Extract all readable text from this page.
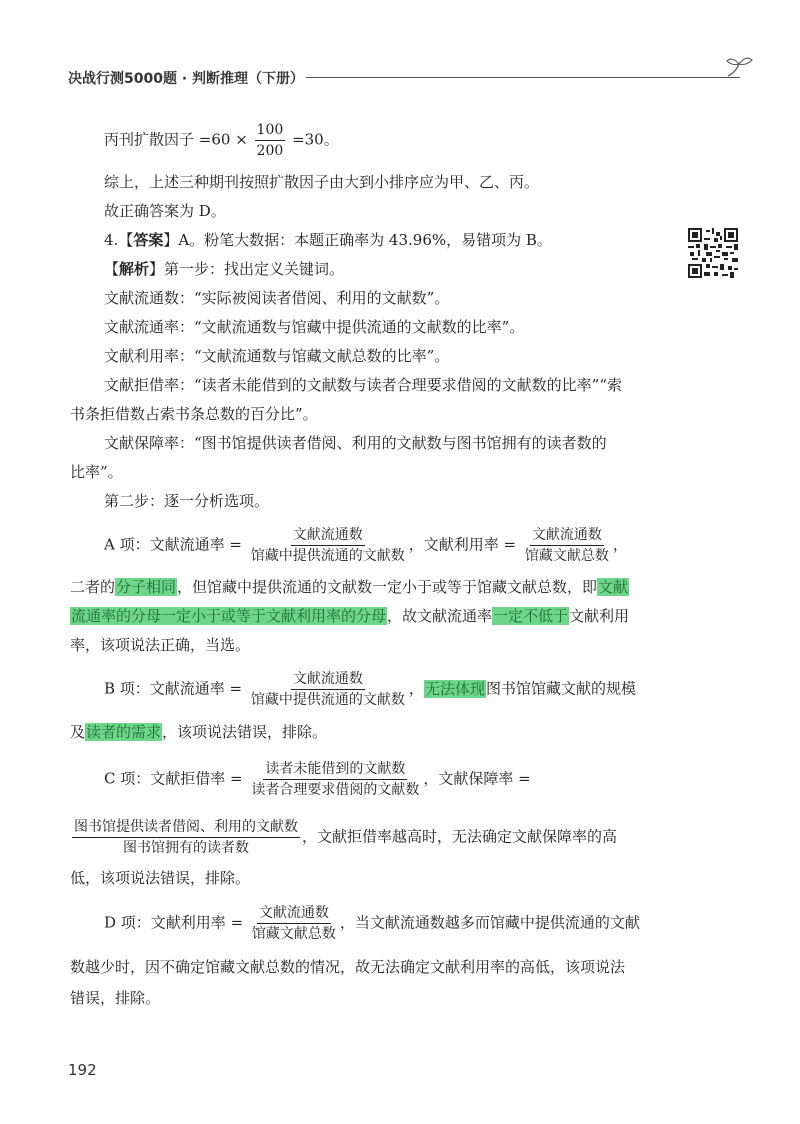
决战行测5000题 · 判断推理（下册）
丙刊扩散因子 $=60 \times \frac{100}{200} =30$。
综上，上述三种期刊按照扩散因子由大到小排序应为甲、乙、丙。
故正确答案为 D。
4.【答案】A。粉笔大数据：本题正确率为 43.96%，易错项为 B。
【解析】第一步：找出定义关键词。
文献流通数：“实际被阅读者借阅、利用的文献数”。
文献流通率：“文献流通数与馆藏中提供流通的文献数的比率”。
文献利用率：“文献流通数与馆藏文献总数的比率”。
文献拒借率：“读者未能借到的文献数与读者合理要求借阅的文献数的比率”“索
书条拒借数占索书条总数的百分比”。
文献保障率：“图书馆提供读者借阅、利用的文献数与图书馆拥有的读者数的
比率”。
第二步：逐一分析选项。
A 项：文献流通率 = $\frac{\text{文献流通数}}{\text{馆藏中提供流通的文献数}}$ ，文献利用率 = $\frac{\text{文献流通数}}{\text{馆藏文献总数}}$ ，
二者的分子相同，但馆藏中提供流通的文献数一定小于或等于馆藏文献总数，即文献
流通率的分母一定小于或等于文献利用率的分母，故文献流通率一定不低于文献利用
率，该项说法正确，当选。
B 项：文献流通率 = $\frac{\text{文献流通数}}{\text{馆藏中提供流通的文献数}}$ ，无法体现图书馆馆藏文献的规模
及读者的需求，该项说法错误，排除。
C 项：文献拒借率 = $\frac{\text{读者未能借到的文献数}}{\text{读者合理要求借阅的文献数}}$ ，文献保障率 =
$\frac{\text{图书馆提供读者借阅、利用的文献数}}{\text{图书馆拥有的读者数}}$ ，文献拒借率越高时，无法确定文献保障率的高
低，该项说法错误，排除。
D 项：文献利用率 = $\frac{\text{文献流通数}}{\text{馆藏文献总数}}$ ，当文献流通数越多而馆藏中提供流通的文献
数越少时，因不确定馆藏文献总数的情况，故无法确定文献利用率的高低，该项说法
错误，排除。
192
